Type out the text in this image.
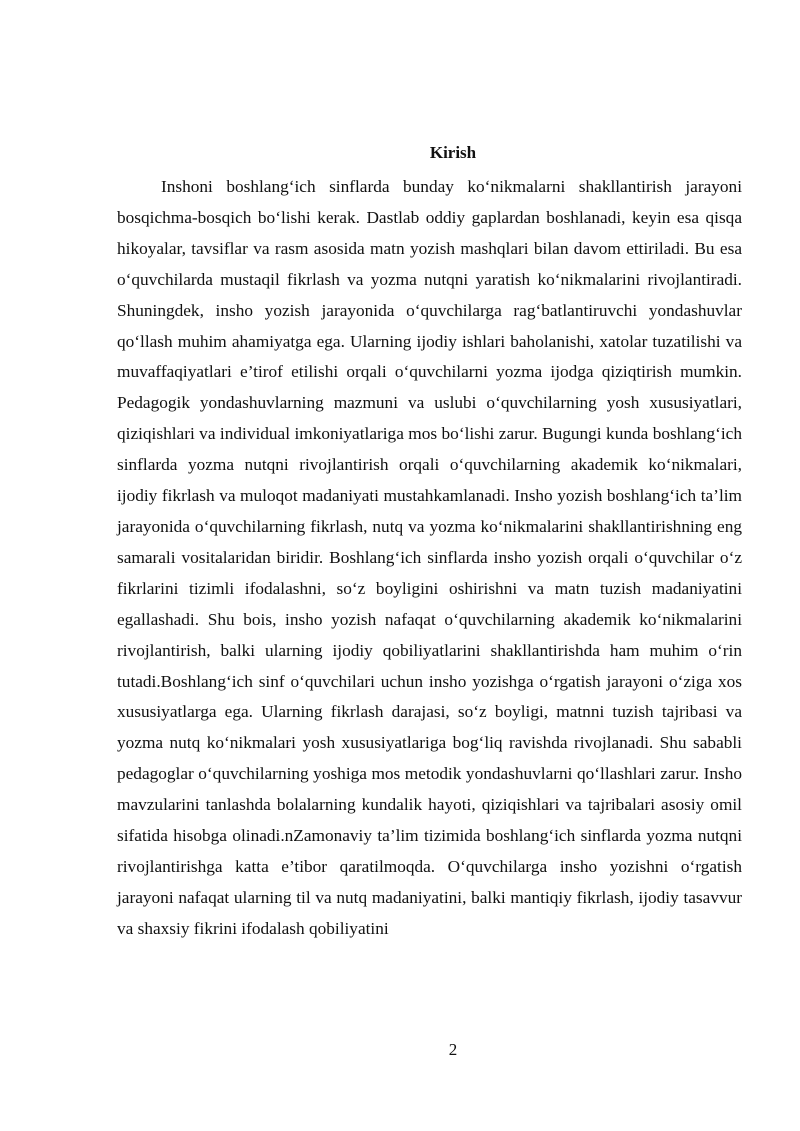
Kirish

Inshoni boshlang‘ich sinflarda bunday ko‘nikmalarni shakllantirish jarayoni bosqichma-bosqich bo‘lishi kerak. Dastlab oddiy gaplardan boshlanadi, keyin esa qisqa hikoyalar, tavsiflar va rasm asosida matn yozish mashqlari bilan davom ettiriladi. Bu esa o‘quvchilarda mustaqil fikrlash va yozma nutqni yaratish ko‘nikmalarini rivojlantiradi. Shuningdek, insho yozish jarayonida o‘quvchilarga rag‘batlantiruvchi yondashuvlar qo‘llash muhim ahamiyatga ega. Ularning ijodiy ishlari baholanishi, xatolar tuzatilishi va muvaffaqiyatlari e’tirof etilishi orqali o‘quvchilarni yozma ijodga qiziqtirish mumkin. Pedagogik yondashuvlarning mazmuni va uslubi o‘quvchilarning yosh xususiyatlari, qiziqishlari va individual imkoniyatlariga mos bo‘lishi zarur. Bugungi kunda boshlang‘ich sinflarda yozma nutqni rivojlantirish orqali o‘quvchilarning akademik ko‘nikmalari, ijodiy fikrlash va muloqot madaniyati mustahkamlanadi. Insho yozish boshlang‘ich ta’lim jarayonida o‘quvchilarning fikrlash, nutq va yozma ko‘nikmalarini shakllantirishning eng samarali vositalaridan biridir. Boshlang‘ich sinflarda insho yozish orqali o‘quvchilar o‘z fikrlarini tizimli ifodalashni, so‘z boyligini oshirishni va matn tuzish madaniyatini egallashadi. Shu bois, insho yozish nafaqat o‘quvchilarning akademik ko‘nikmalarini rivojlantirish, balki ularning ijodiy qobiliyatlarini shakllantirishda ham muhim o‘rin tutadi.Boshlang‘ich sinf o‘quvchilari uchun insho yozishga o‘rgatish jarayoni o‘ziga xos xususiyatlarga ega. Ularning fikrlash darajasi, so‘z boyligi, matnni tuzish tajribasi va yozma nutq ko‘nikmalari yosh xususiyatlariga bog‘liq ravishda rivojlanadi. Shu sababli pedagoglar o‘quvchilarning yoshiga mos metodik yondashuvlarni qo‘llashlari zarur. Insho mavzularini tanlashda bolalarning kundalik hayoti, qiziqishlari va tajribalari asosiy omil sifatida hisobga olinadi.nZamonaviy ta’lim tizimida boshlang‘ich sinflarda yozma nutqni rivojlantirishga katta e’tibor qaratilmoqda. O‘quvchilarga insho yozishni o‘rgatish jarayoni nafaqat ularning til va nutq madaniyatini, balki mantiqiy fikrlash, ijodiy tasavvur va shaxsiy fikrini ifodalash qobiliyatini

2
